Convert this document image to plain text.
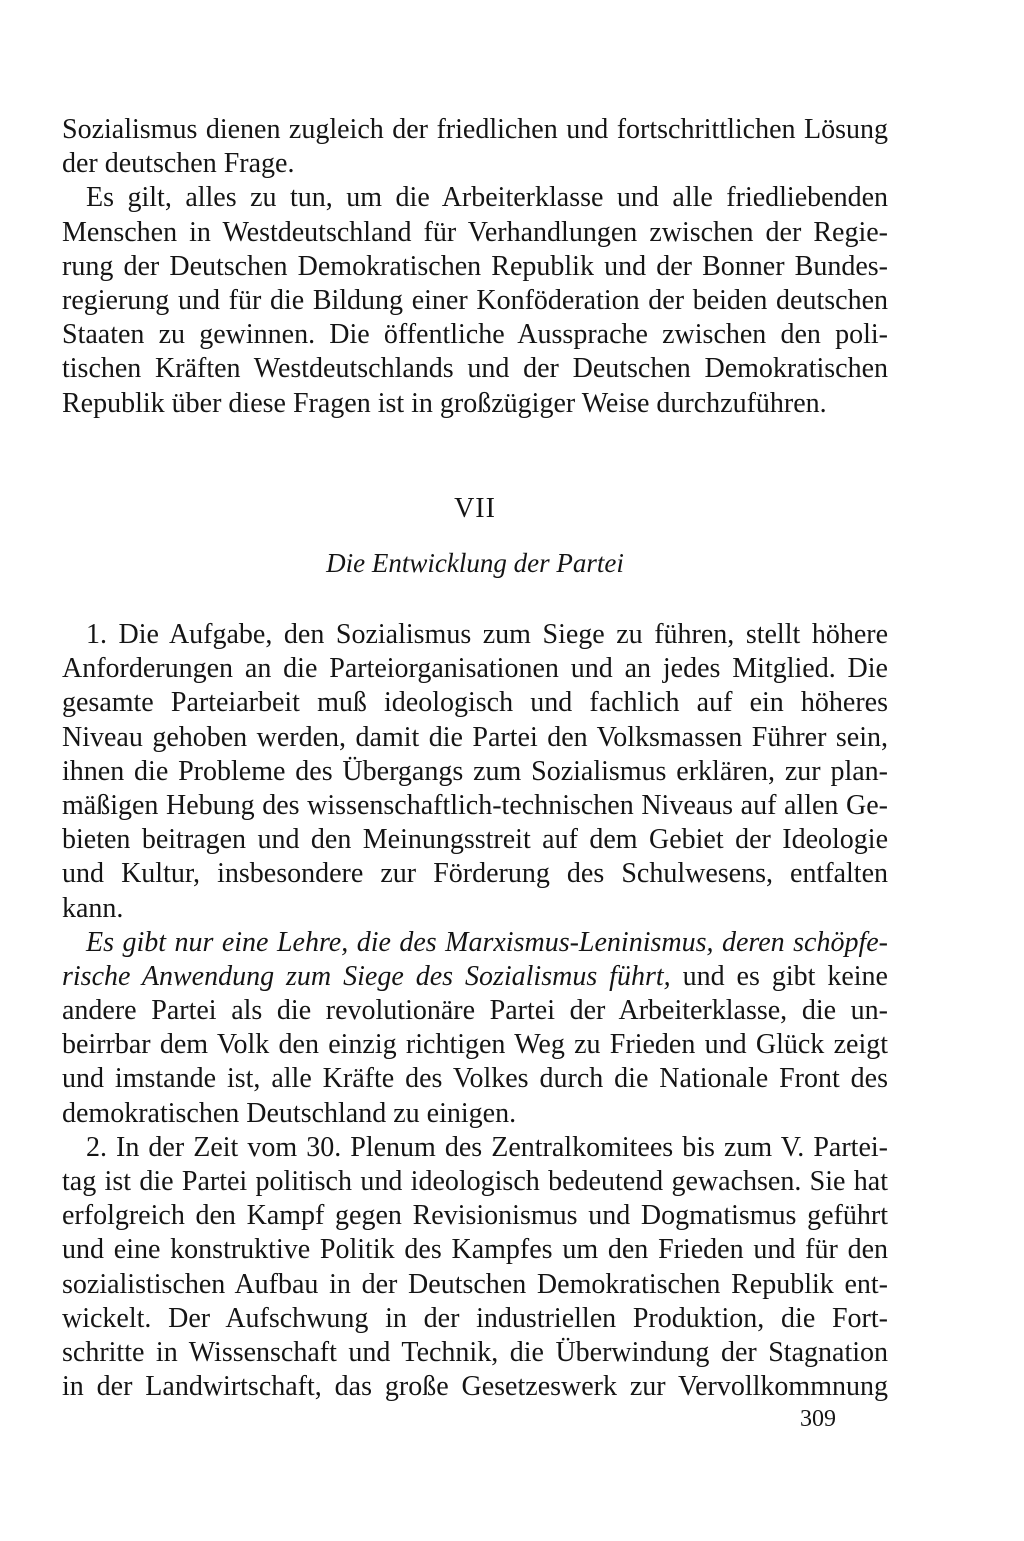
Sozialismus dienen zugleich der friedlichen und fortschrittlichen Lösung
der deutschen Frage.
Es gilt, alles zu tun, um die Arbeiterklasse und alle friedliebenden
Menschen in Westdeutschland für Verhandlungen zwischen der Regie-
rung der Deutschen Demokratischen Republik und der Bonner Bundes-
regierung und für die Bildung einer Konföderation der beiden deutschen
Staaten zu gewinnen. Die öffentliche Aussprache zwischen den poli-
tischen Kräften Westdeutschlands und der Deutschen Demokratischen
Republik über diese Fragen ist in großzügiger Weise durchzuführen.
VII
Die Entwicklung der Partei
1. Die Aufgabe, den Sozialismus zum Siege zu führen, stellt höhere
Anforderungen an die Parteiorganisationen und an jedes Mitglied. Die
gesamte Parteiarbeit muß ideologisch und fachlich auf ein höheres
Niveau gehoben werden, damit die Partei den Volksmassen Führer sein,
ihnen die Probleme des Übergangs zum Sozialismus erklären, zur plan-
mäßigen Hebung des wissenschaftlich-technischen Niveaus auf allen Ge-
bieten beitragen und den Meinungsstreit auf dem Gebiet der Ideologie
und Kultur, insbesondere zur Förderung des Schulwesens, entfalten
kann.
Es gibt nur eine Lehre, die des Marxismus-Leninismus, deren schöpfe-
rische Anwendung zum Siege des Sozialismus führt, und es gibt keine
andere Partei als die revolutionäre Partei der Arbeiterklasse, die un-
beirrbar dem Volk den einzig richtigen Weg zu Frieden und Glück zeigt
und imstande ist, alle Kräfte des Volkes durch die Nationale Front des
demokratischen Deutschland zu einigen.
2. In der Zeit vom 30. Plenum des Zentralkomitees bis zum V. Partei-
tag ist die Partei politisch und ideologisch bedeutend gewachsen. Sie hat
erfolgreich den Kampf gegen Revisionismus und Dogmatismus geführt
und eine konstruktive Politik des Kampfes um den Frieden und für den
sozialistischen Aufbau in der Deutschen Demokratischen Republik ent-
wickelt. Der Aufschwung in der industriellen Produktion, die Fort-
schritte in Wissenschaft und Technik, die Überwindung der Stagnation
in der Landwirtschaft, das große Gesetzeswerk zur Vervollkommnung
309
